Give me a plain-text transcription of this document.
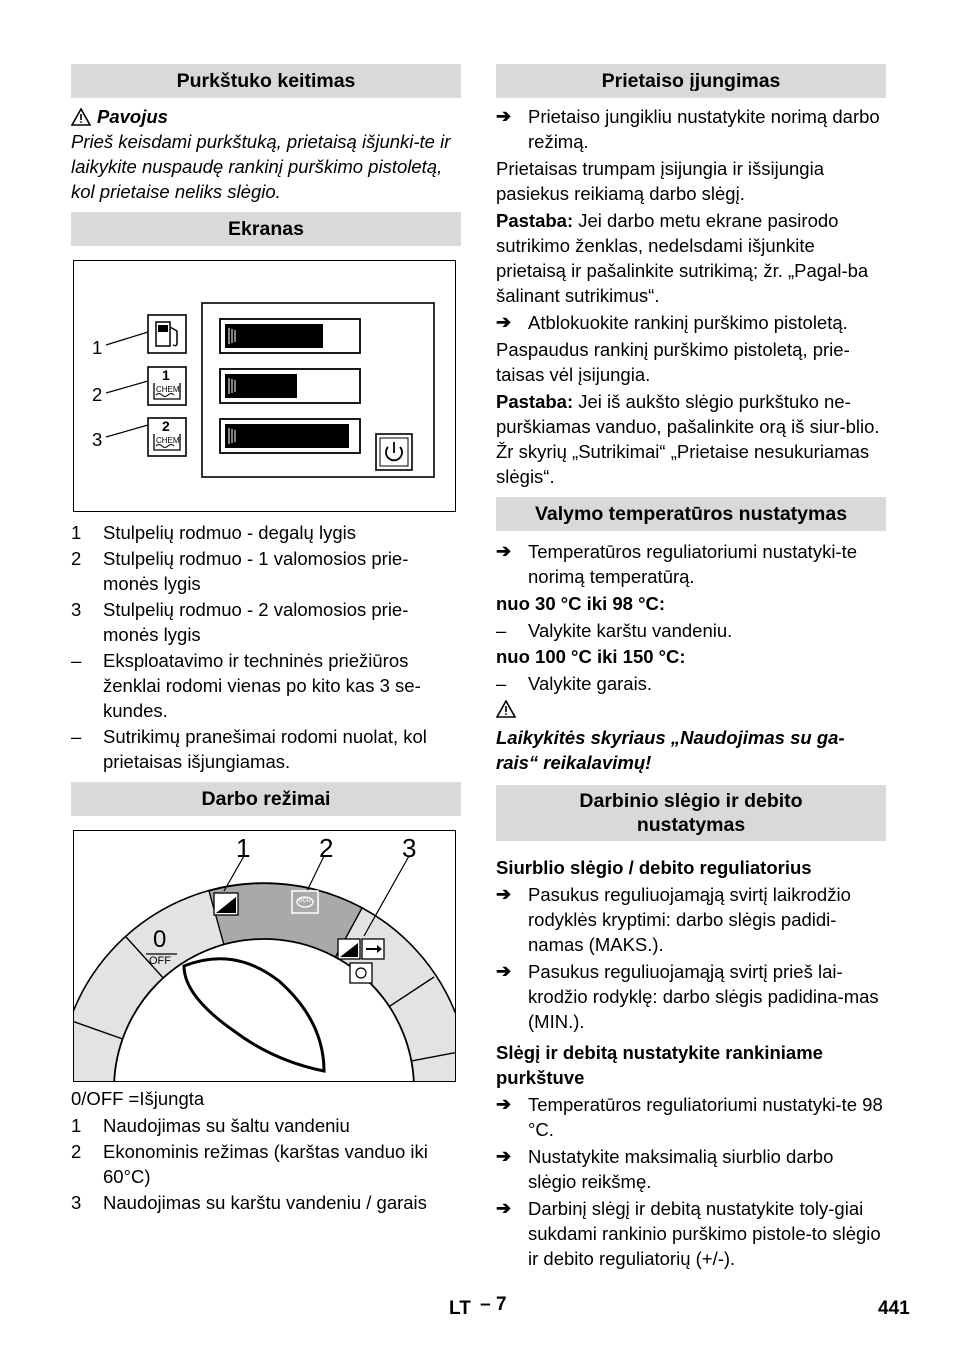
Purkštuko keitimas
Pavojus

Prieš keisdami purkštuką, prietaisą išjunki-te ir laikykite nuspaudę rankinį purškimo pistoletą, kol prietaise neliks slėgio.

Ekranas
1
2
3
1
CHEM
2
CHEM
1	Stulpelių rodmuo - degalų lygis
2	Stulpelių rodmuo - 1 valomosios prie-monės lygis
3	Stulpelių rodmuo - 2 valomosios prie-monės lygis
–	Eksploatavimo ir techninės priežiūros ženklai rodomi vienas po kito kas 3 se-kundes.
–	Sutrikimų pranešimai rodomi nuolat, kol prietaisas išjungiamas.
Darbo režimai
1	2	3
0
OFF
eco

0/OFF =Išjungta

1	Naudojimas su šaltu vandeniu
2	Ekonominis režimas (karštas vanduo iki 60°C)
3	Naudojimas su karštu vandeniu / garais
Prietaiso įjungimas
➔ Prietaiso jungikliu nustatykite norimą darbo režimą.

Prietaisas trumpam įsijungia ir išsijungia pasiekus reikiamą darbo slėgį.

Pastaba: Jei darbo metu ekrane pasirodo sutrikimo ženklas, nedelsdami išjunkite prietaisą ir pašalinkite sutrikimą; žr. „Pagal-ba šalinant sutrikimus“.

➔ Atblokuokite rankinį purškimo pistoletą.

Paspaudus rankinį purškimo pistoletą, prie-taisas vėl įsijungia.

Pastaba: Jei iš aukšto slėgio purkštuko ne-purškiamas vanduo, pašalinkite orą iš siur-blio. Žr skyrių „Sutrikimai“ „Prietaise nesukuriamas slėgis“.

Valymo temperatūros nustatymas
➔ Temperatūros reguliatoriumi nustatyki-te norimą temperatūrą.

nuo 30 °C iki 98 °C:

–	Valykite karštu vandeniu.

nuo 100 °C iki 150 °C:

–	Valykite garais.

Laikykitės skyriaus „Naudojimas su ga-rais“ reikalavimų!

Darbinio slėgio ir debito nustatymas

Siurblio slėgio / debito reguliatorius

➔ Pasukus reguliuojamąją svirtį laikrodžio rodyklės kryptimi: darbo slėgis padidi-namas (MAKS.).
➔ Pasukus reguliuojamąją svirtį prieš lai-krodžio rodyklę: darbo slėgis padidina-mas (MIN.).

Slėgį ir debitą nustatykite rankiniame purkštuve

➔ Temperatūros reguliatoriumi nustatyki-te 98 °C.
➔ Nustatykite maksimalią siurblio darbo slėgio reikšmę.
➔ Darbinį slėgį ir debitą nustatykite toly-giai sukdami rankinio purškimo pistole-to slėgio ir debito reguliatorių (+/-).
LT – 7	441
